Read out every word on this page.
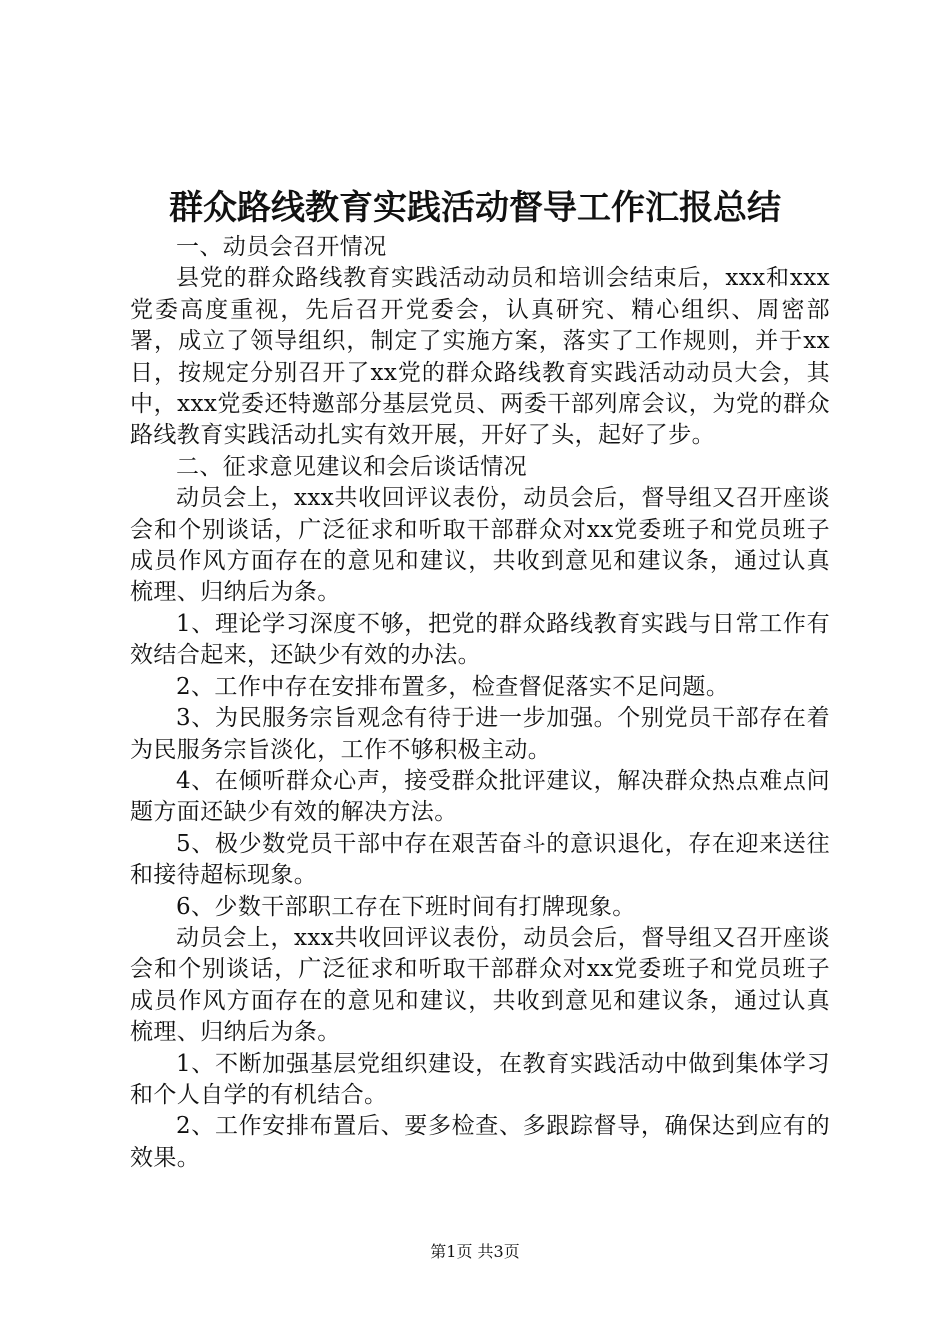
群众路线教育实践活动督导工作汇报总结

一、动员会召开情况

县党的群众路线教育实践活动动员和培训会结束后，xxx和xxx党委高度重视，先后召开党委会，认真研究、精心组织、周密部署，成立了领导组织，制定了实施方案，落实了工作规则，并于xx日，按规定分别召开了xx党的群众路线教育实践活动动员大会，其中，xxx党委还特邀部分基层党员、两委干部列席会议，为党的群众路线教育实践活动扎实有效开展，开好了头，起好了步。

二、征求意见建议和会后谈话情况

动员会上，xxx共收回评议表份，动员会后，督导组又召开座谈会和个别谈话，广泛征求和听取干部群众对xx党委班子和党员班子成员作风方面存在的意见和建议，共收到意见和建议条，通过认真梳理、归纳后为条。

1、理论学习深度不够，把党的群众路线教育实践与日常工作有效结合起来，还缺少有效的办法。

2、工作中存在安排布置多，检查督促落实不足问题。

3、为民服务宗旨观念有待于进一步加强。个别党员干部存在着为民服务宗旨淡化，工作不够积极主动。

4、在倾听群众心声，接受群众批评建议，解决群众热点难点问题方面还缺少有效的解决方法。

5、极少数党员干部中存在艰苦奋斗的意识退化，存在迎来送往和接待超标现象。

6、少数干部职工存在下班时间有打牌现象。

动员会上，xxx共收回评议表份，动员会后，督导组又召开座谈会和个别谈话，广泛征求和听取干部群众对xx党委班子和党员班子成员作风方面存在的意见和建议，共收到意见和建议条，通过认真梳理、归纳后为条。

1、不断加强基层党组织建设，在教育实践活动中做到集体学习和个人自学的有机结合。

2、工作安排布置后、要多检查、多跟踪督导，确保达到应有的效果。

第1页 共3页
